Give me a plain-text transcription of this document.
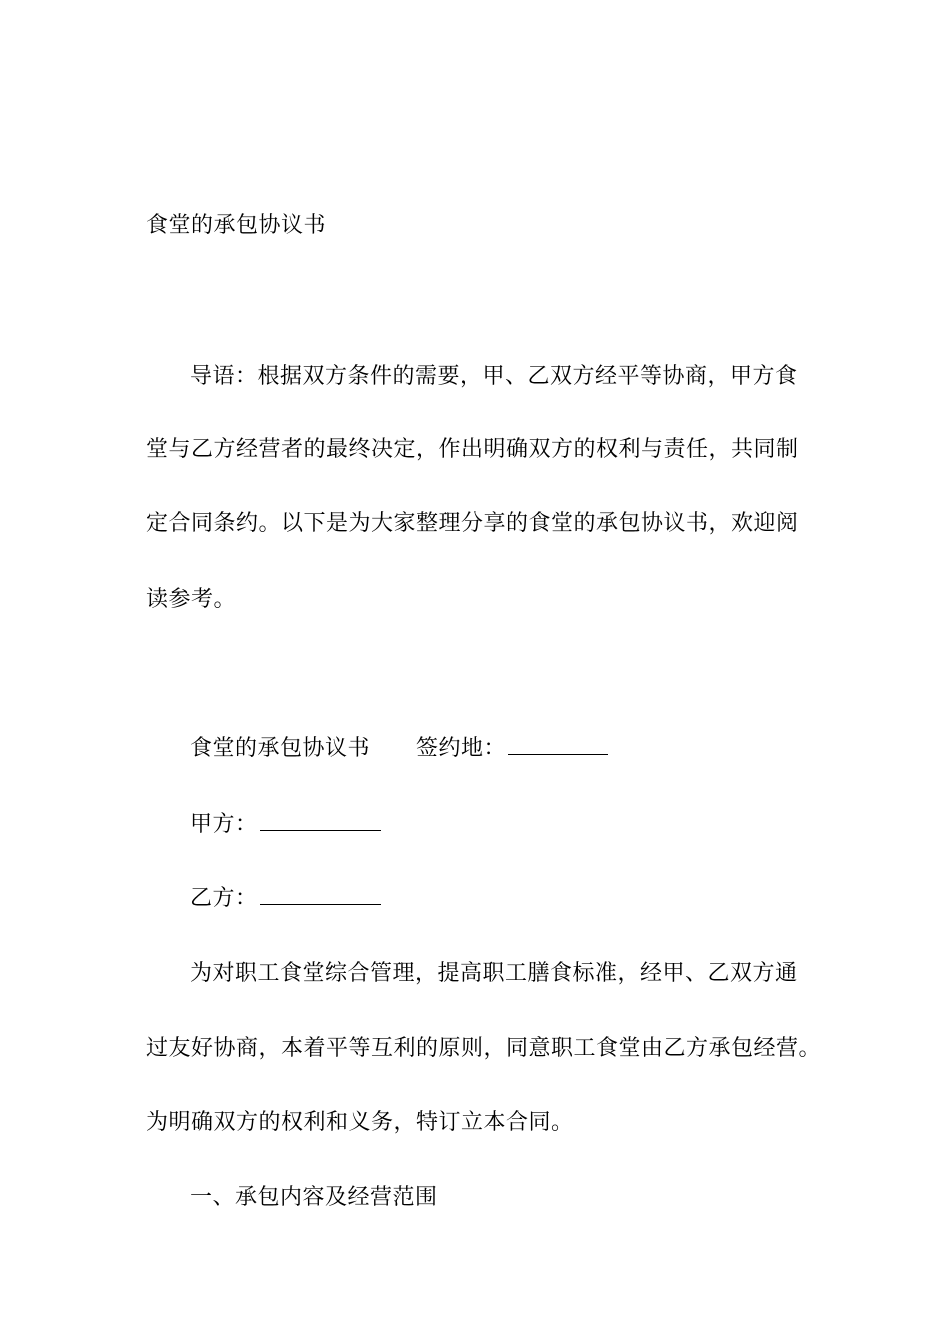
食堂的承包协议书
导语：根据双方条件的需要，甲、乙双方经平等协商，甲方食
堂与乙方经营者的最终决定，作出明确双方的权利与责任，共同制
定合同条约。以下是为大家整理分享的食堂的承包协议书，欢迎阅
读参考。
食堂的承包协议书 签约地：
甲方：
乙方：
为对职工食堂综合管理，提高职工膳食标准，经甲、乙双方通
过友好协商，本着平等互利的原则，同意职工食堂由乙方承包经营。
为明确双方的权利和义务，特订立本合同。
一、承包内容及经营范围
